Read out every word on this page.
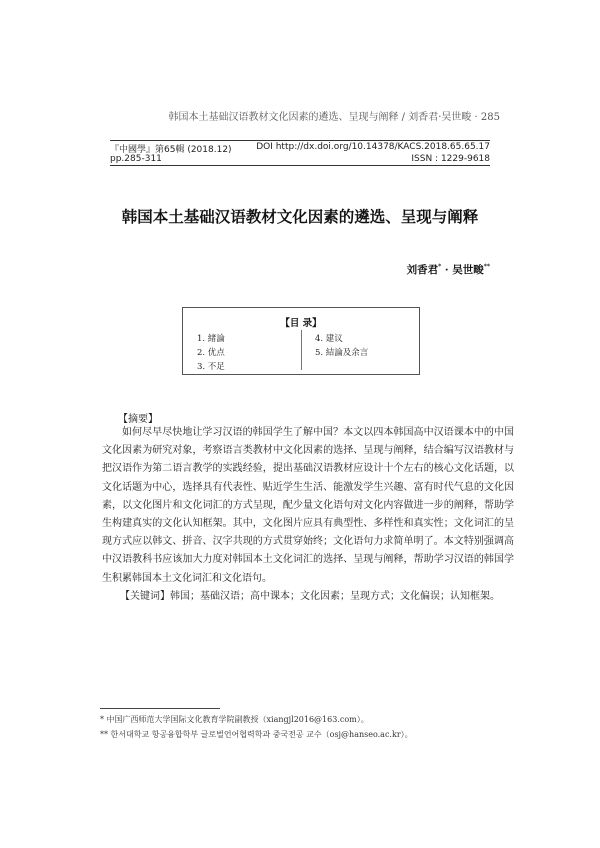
韩国本土基础汉语教材文化因素的遴选、呈现与阐释 / 刘香君·吴世畯 · 285
『中國學』第65輯 (2018.12)	DOI http://dx.doi.org/10.14378/KACS.2018.65.65.17
pp.285-311	ISSN : 1229-9618
韩国本土基础汉语教材文化因素的遴选、呈现与阐释
刘香君* · 吴世畯**
【目 录】
1. 緒論
2. 优点
3. 不足
4. 建议
5. 結論及余言
【摘要】

如何尽早尽快地让学习汉语的韩国学生了解中国？本文以四本韩国高中汉语课本中的中国文化因素为研究对象，考察语言类教材中文化因素的选择、呈现与阐释，结合编写汉语教材与把汉语作为第二语言教学的实践经验，提出基础汉语教材应设计十个左右的核心文化话题，以文化话题为中心，选择具有代表性、贴近学生生活、能激发学生兴趣、富有时代气息的文化因素，以文化图片和文化词汇的方式呈现，配少量文化语句对文化内容做进一步的阐释，帮助学生构建真实的文化认知框架。其中，文化图片应具有典型性、多样性和真实性；文化词汇的呈现方式应以韩文、拼音、汉字共现的方式贯穿始终；文化语句力求简单明了。本文特别强调高中汉语教科书应该加大力度对韩国本土文化词汇的选择、呈现与阐释，帮助学习汉语的韩国学生积累韩国本土文化词汇和文化语句。

【关键词】韩国；基础汉语；高中课本；文化因素；呈现方式；文化偏误；认知框架。
* 中国广西师范大学国际文化教育学院副教授（xiangjl2016@163.com）。
** 한서대학교 항공융합학부 글로벌언어협력학과 중국전공 교수（osj@hanseo.ac.kr）。
